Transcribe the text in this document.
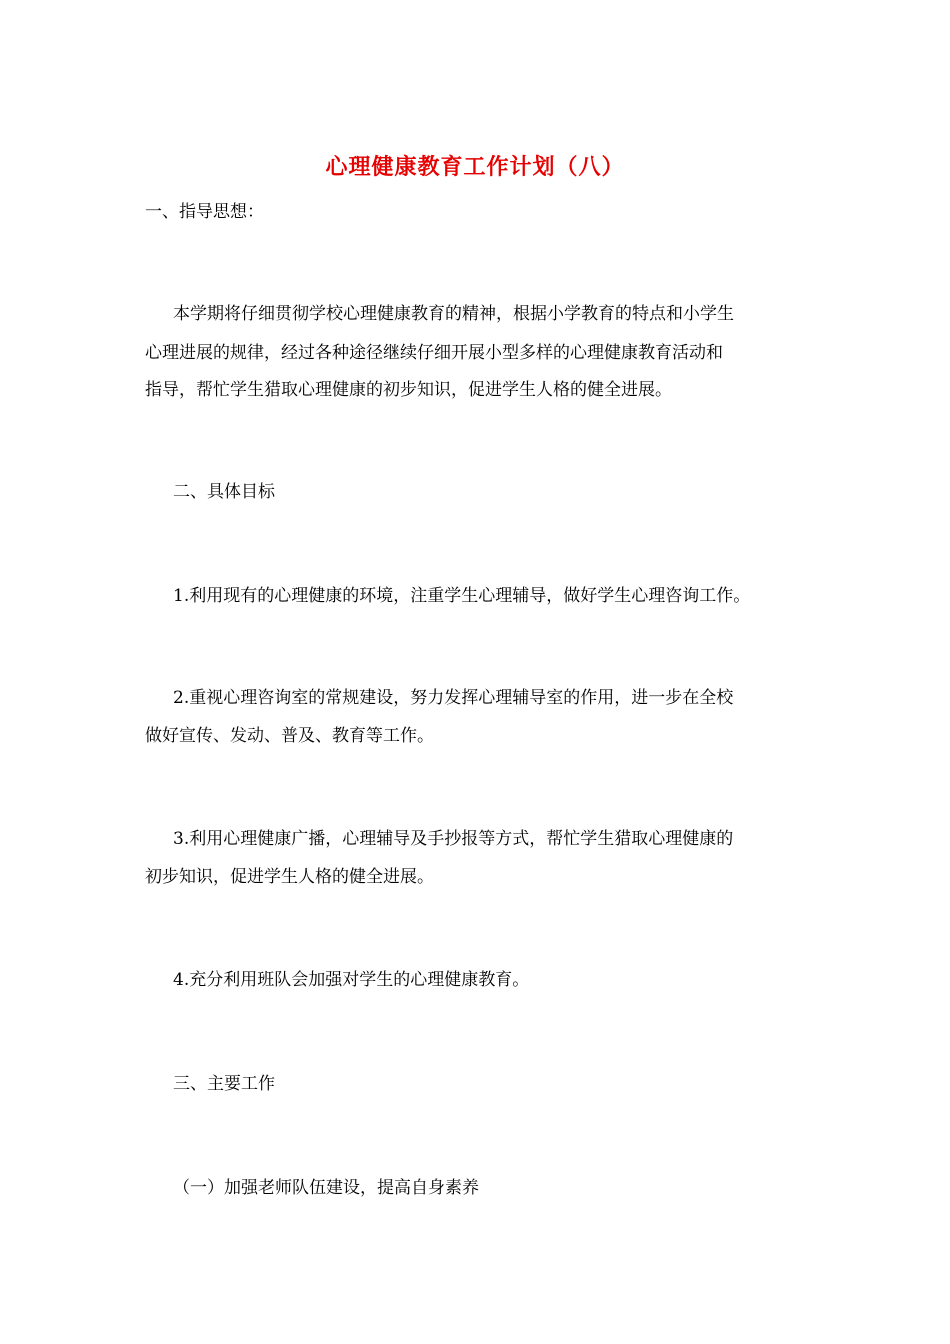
心理健康教育工作计划（八）
一、指导思想：
本学期将仔细贯彻学校心理健康教育的精神，根据小学教育的特点和小学生
心理进展的规律，经过各种途径继续仔细开展小型多样的心理健康教育活动和
指导，帮忙学生猎取心理健康的初步知识，促进学生人格的健全进展。
二、具体目标
1.利用现有的心理健康的环境，注重学生心理辅导，做好学生心理咨询工作。
2.重视心理咨询室的常规建设，努力发挥心理辅导室的作用，进一步在全校
做好宣传、发动、普及、教育等工作。
3.利用心理健康广播，心理辅导及手抄报等方式，帮忙学生猎取心理健康的
初步知识，促进学生人格的健全进展。
4.充分利用班队会加强对学生的心理健康教育。
三、主要工作
（一）加强老师队伍建设，提高自身素养
